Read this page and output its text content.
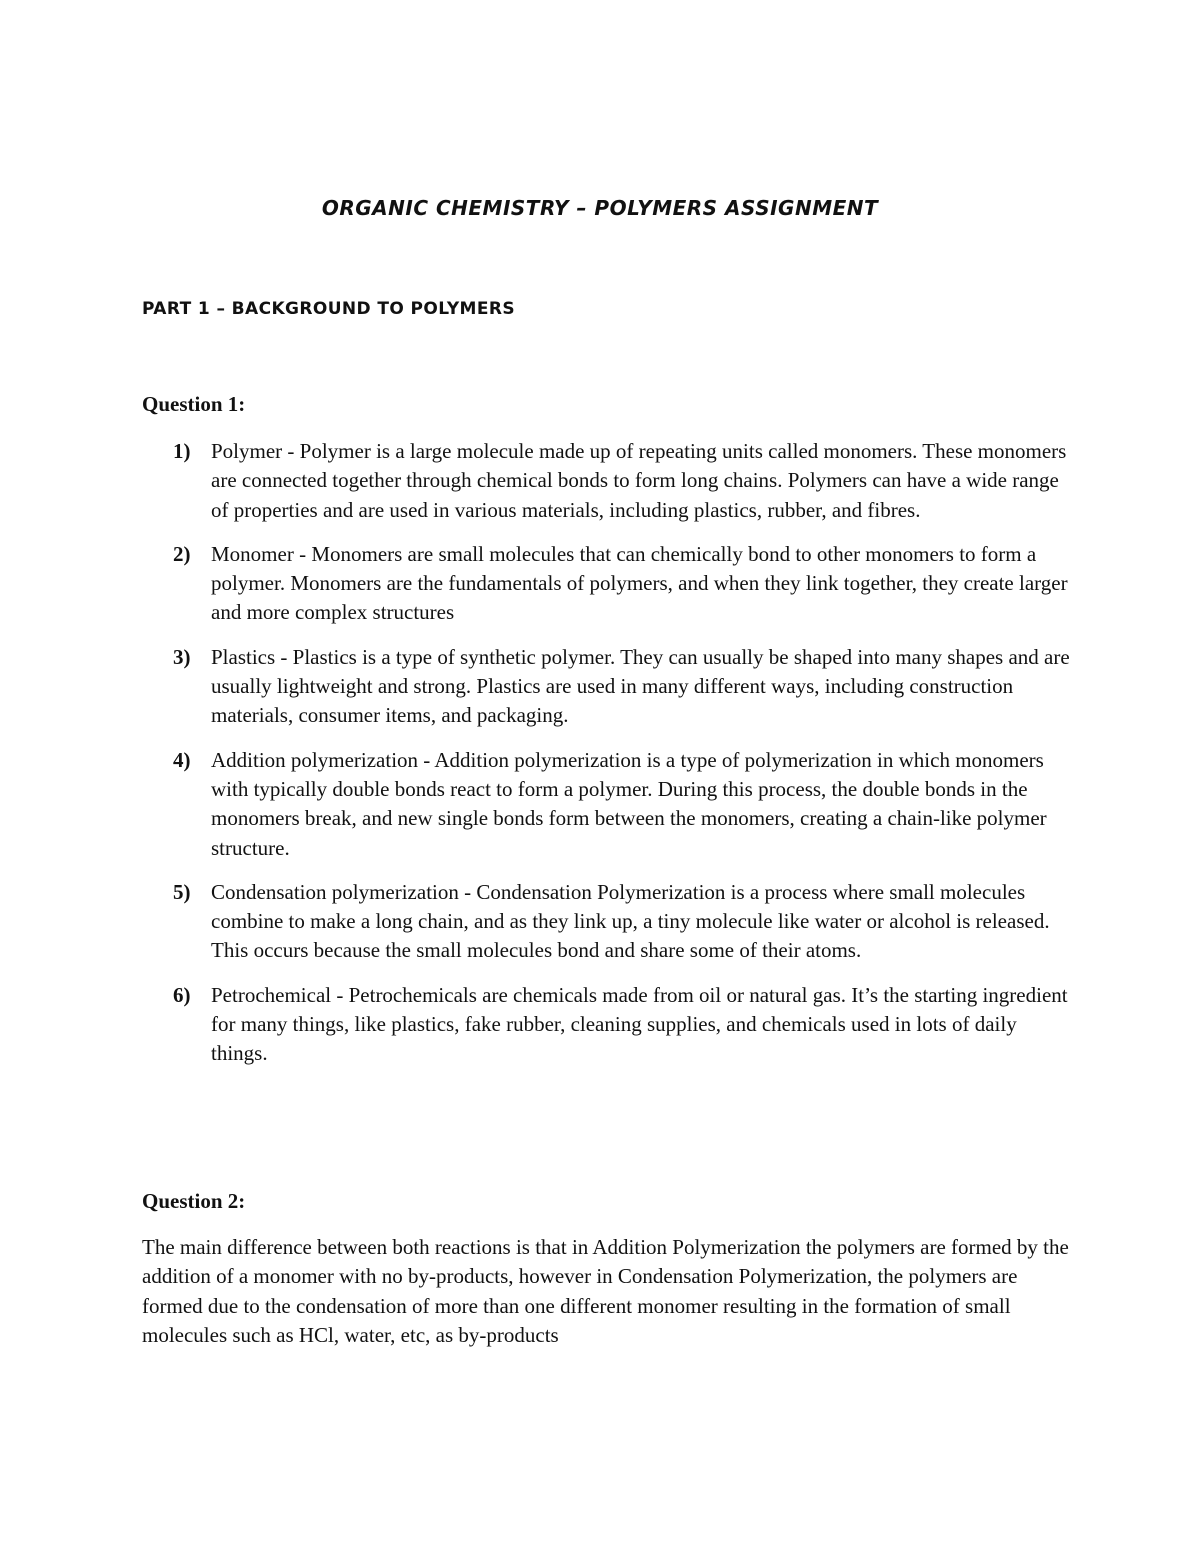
ORGANIC CHEMISTRY – POLYMERS ASSIGNMENT
PART 1 – BACKGROUND TO POLYMERS
Question 1:
1) Polymer - Polymer is a large molecule made up of repeating units called monomers. These monomers are connected together through chemical bonds to form long chains. Polymers can have a wide range of properties and are used in various materials, including plastics, rubber, and fibres.
2) Monomer - Monomers are small molecules that can chemically bond to other monomers to form a polymer. Monomers are the fundamentals of polymers, and when they link together, they create larger and more complex structures
3) Plastics - Plastics is a type of synthetic polymer. They can usually be shaped into many shapes and are usually lightweight and strong. Plastics are used in many different ways, including construction materials, consumer items, and packaging.
4) Addition polymerization - Addition polymerization is a type of polymerization in which monomers with typically double bonds react to form a polymer. During this process, the double bonds in the monomers break, and new single bonds form between the monomers, creating a chain-like polymer structure.
5) Condensation polymerization - Condensation Polymerization is a process where small molecules combine to make a long chain, and as they link up, a tiny molecule like water or alcohol is released. This occurs because the small molecules bond and share some of their atoms.
6) Petrochemical - Petrochemicals are chemicals made from oil or natural gas. It’s the starting ingredient for many things, like plastics, fake rubber, cleaning supplies, and chemicals used in lots of daily things.
Question 2:

The main difference between both reactions is that in Addition Polymerization the polymers are formed by the addition of a monomer with no by-products, however in Condensation Polymerization, the polymers are formed due to the condensation of more than one different monomer resulting in the formation of small molecules such as HCl, water, etc, as by-products
